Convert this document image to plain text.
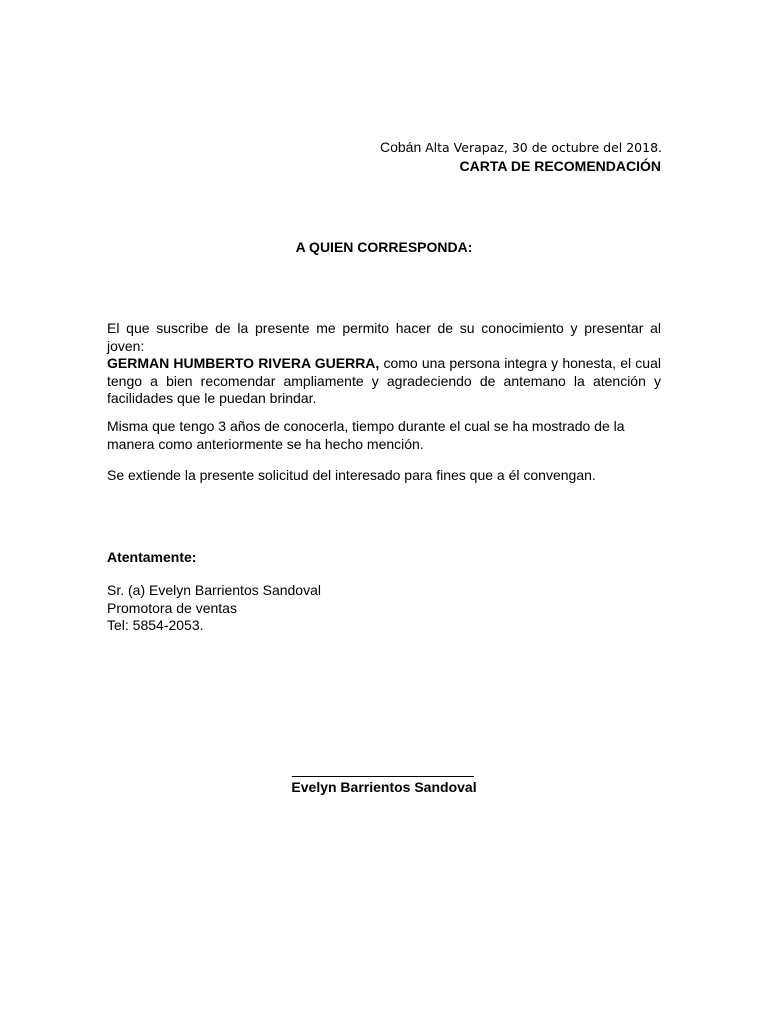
Cobán Alta Verapaz, 30 de octubre del 2018.
CARTA DE RECOMENDACIÓN
A QUIEN CORRESPONDA:
El que suscribe de la presente me permito hacer de su conocimiento y presentar al joven:
GERMAN HUMBERTO RIVERA GUERRA, como una persona integra y honesta, el cual tengo a bien recomendar ampliamente y agradeciendo de antemano la atención y facilidades que le puedan brindar.
Misma que tengo 3 años de conocerla, tiempo durante el cual se ha mostrado de la manera como anteriormente se ha hecho mención.
Se extiende la presente solicitud del interesado para fines que a él convengan.
Atentamente:
Sr. (a) Evelyn Barrientos Sandoval
Promotora de ventas
Tel: 5854-2053.
Evelyn Barrientos Sandoval
